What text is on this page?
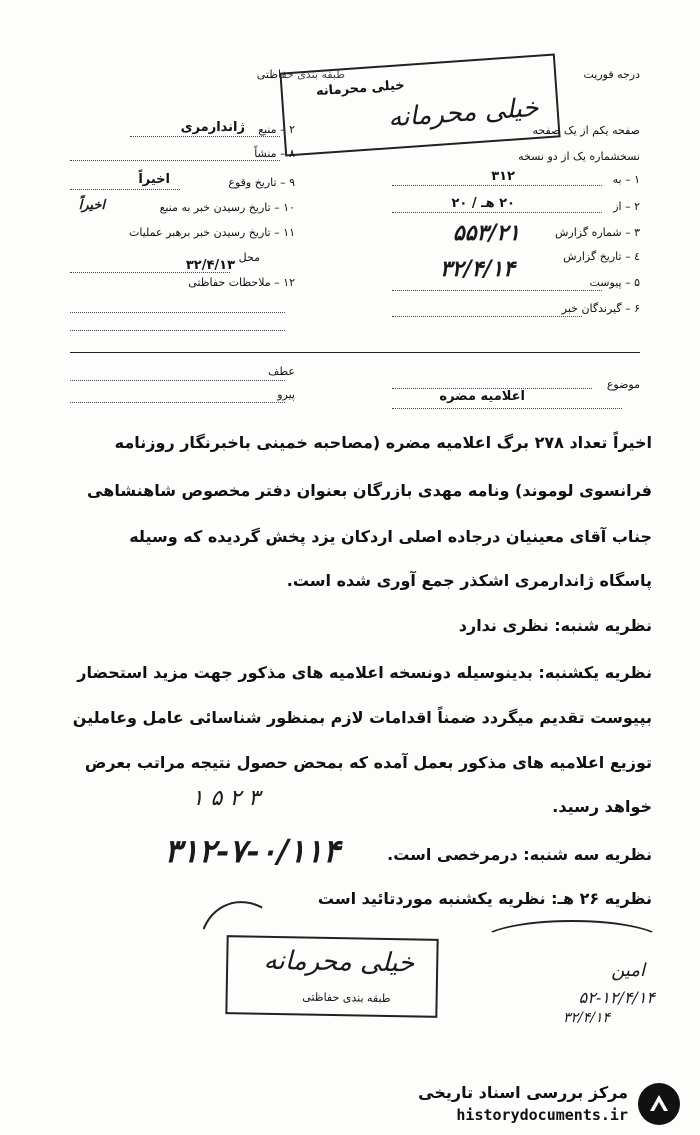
درجه فوریت
طبقه بندی حفاظتی
خیلی محرمانه
خیلی محرمانه
صفحه یکم از یک صفحه
نسخشماره یک از دو نسخه
۲ – منبع
ژاندارمری
۸ – منشاً
۹ – تاریخ وقوع
اخیراً
۱۰ – تاریخ رسیدن خبر به منبع
اخیراً
۱۱ – تاریخ رسیدن خبر برهبر عملیات
محل
۳۲/۴/۱۳
۱۲ – ملاحظات حفاظتی
۱ – به
۳۱۲
۲ – از
۲۰ هـ / ۲۰
۳ – شماره گزارش
۵۵۳/۲۱
٤ – تاریخ گزارش
۳۲/۴/۱۴
۵ – پیوست
۶ – گیرندگان خبر
عطف
پیرو
موضوع
اعلامیه مضره
اخیراً تعداد ۲۷۸ برگ اعلامیه مضره (مصاحبه خمینی باخبرنگار روزنامه
فرانسوی لوموند) ونامه مهدی بازرگان بعنوان دفتر مخصوص شاهنشاهی
جناب آقای معینیان درجاده اصلی اردکان یزد پخش گردیده که وسیله
پاسگاه ژاندارمری اشکذر جمع آوری شده است.
نظریه شنبه: نظری ندارد
نظریه یکشنبه: بدینوسیله دونسخه اعلامیه های مذکور جهت مزید استحضار
بپیوست تقدیم میگردد ضمناً اقدامات لازم بمنظور شناسائی عامل وعاملین
توزیع اعلامیه های مذکور بعمل آمده که بمحض حصول نتیجه مراتب بعرض
خواهد رسید.
نظریه سه شنبه: درمرخصی است.
نظریه ۲۶ هـ: نظریه یکشنبه موردتائید است
۳ ۲ ۵ ۱
۳۱۲-۷-۰/۱۱۴
خیلی محرمانه
طبقه بندی حفاظتی
امین
۵۲-۱۲/۴/۱۴
۳۲/۴/۱۴
مرکز بررسی اسناد تاریخی
historydocuments.ir
